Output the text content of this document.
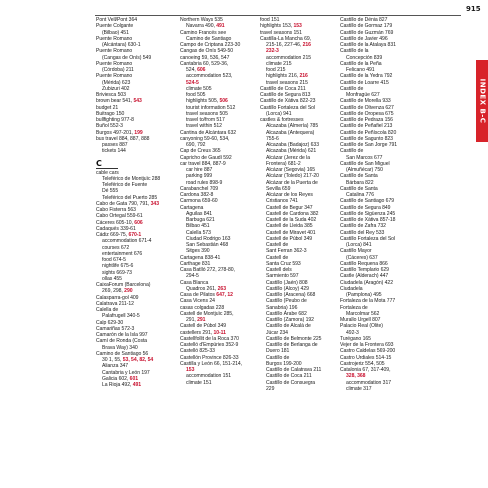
915
INDEX B-C
Pont Vell/Pont 364
Puente Colgante
(Bilbao) 451
Puente Romano
(Alcántara) 630-1
Puente Romano
(Cangas de Onís) 549
Puente Romano
(Córdoba) 211
Puente Romano
(Mérida) 623
Zubizuri 402
Briviesca 503
brown bear 541, 543
budget 21
Buitrago 150
bullfighting 977-8
Buñol 552-3
Burgos 497-201, 199
bus travel 884, 887, 888
passes 887
tickets 144
C
cable cars
Teleférico de Montjuïc 288
Teleférico de Fuente
Dé 555
Teleférico del Puerto 285
Cabo de Gata 790, 791, 343
Cabo Fisterra 563
Cabo Ortegal 559-61
Cáceres 605-10, 606
Cadaqués 339-61
Cádiz 669-75, 670-1
accommodation 671-4
courses 672
entertainment 676
food 674-5
nightlife 675-6
sights 669-73
ollas 455
CaixaForum (Barcelona)
269, 298, 290
Calasparra-gol 409
Calatrava 211-12
Calella de
Palafrugell 340-5
Calp 629-30
Camariñas 572-3
Camarón de la Isla 997
Camí de Ronda (Costa
Brava Way) 340
Camino de Santiago 56
30 1, 55, 53, 54, 82, 54
Alianza 347
Cantabria y León 197
Galicia 602, 601
La Rioja 492, 491
Northern Ways 535
Navarra 490, 491
Camino Francés see
Camino de Santiago
Campo de Criptana 223-30
Cangas de Onís 549-50
canoeing 59, 536, 547
Cantabria 60, 529-36,
524, 606
accommodation 523,
524-5
climate 505
food 505
highlights 505, 506
tourist information 512
travel seasons 505
travel to/from 517
travel within 512
Cantina de Alcántara 632
canyoning 59-60, 534,
690, 792
Cap de Creus 365
Capricho de Gaudí 592
car travel 884, 887-9
car hire 887
parking 999
road rules 898-9
Carabanchel 709
Cardona 382-8
Carmona 659-60
Cartagena
Aguilas 841
Barbuga 621
Bilbao 451
Calella 573
Ciudad Rodrigo 163
San Sebastián 468
Sitges 390
Cartagena 838-41
Carthage 831
Casa Batlló 272, 278-80,
294-5
Casa Blanca
Quadros 261, 263
Casa de Pilatos 647, 12
Casa Vicens 24
casas colgadas 228
Castell de Montjuïc 285,
291, 291
Castell de Púbol 349
castellers 291, 10-11
Castellfollit de la Roca 370
Castelló d'Empúries 352-9
Castelló 825-33
Castellón Province 826-33
Castilla y León 66, 151-214,
153
accommodation 151
climate 151
food 151
highlights 153, 153
travel seasons 151
Castilla-La Mancha 69,
215-16, 227-46, 216
232-3
accommodation 215
climate 215
food 215
highlights 216, 216
travel seasons 215
Castillo de Coca 211
Castillo de Segura 813
Castillo de Xàtiva 822-23
Castillo Fortaleza del Sol
(Lorca) 941
castles & fortresses
Alcazaba (Almería) 785
Alcazaba (Antequera)
755-6
Alcazaba (Badajoz) 633
Alcazaba (Mérida) 621
Alcázar (Jerez de la
Frontera) 681-2
Alcázar (Segovia) 165
Alcázar (Toledo) 217-20
Alcázar de la Puerta de
Sevilla 659
Alcázar de los Reyes
Cristianos 741
Castell de Begur 347
Castell de Cardona 382
Castell de la Suda 402
Castell de Lleida 385
Castell de Miravet 401
Castell de Púbol 349
Castell de
Sant Ferran 362-3
Castell de
Santa Cruz 593
Castell dels
Sarmiento 597
Castillo (Jaén) 808
Castillo (Alcoy) 429
Castillo (Aracena) 668
Castillo (Peubo de
Sanabria) 196
Castillo Árabe 682
Castillo (Zamora) 192
Castillo de Alcalá de
Júcar 234
Castillo de Belmonte 225
Castillo de Berlanga de
Duero 181
Castillo de
Burgos 199-200
Castillo de Calatrava 211
Castillo de Coca 211
Castillo de Consuegra
229
Castillo de Dénia 827
Castillo de Gormaz 179
Castillo de Guzmán 769
Castillo de Javier 496
Castillo de la Atalaya 831
Castillo de la
Concepción 839
Castillo de la Peña
Felicano 491
Castillo de la Yedra 792
Castillo de Loarre 415
Castillo de
Monfragüe 627
Castillo de Morella 933
Castillo de Olivenza 627
Castillo de Oropesa 675
Castillo de Pedraza 156
Castillo de Peñafiel 213
Castillo de Peñíscola 820
Castillo de Sagunto 823
Castillo de San Jorge 791
Castillo de
San Marcos 677
Castillo de San Miguel
(Almuñécar) 750
Castillo de Santa
Bárbara 822
Castillo de Santa
Catalina 776
Castillo de Santiago 679
Castillo de Segura 849
Castillo de Sigüenza 245
Castillo de Xàtiva 857-18
Castillo de Zafra 732
Castillo del Rey 533
Castillo Fortaleza del Sol
(Lorca) 841
Castillo Mayor
(Cáceres) 637
Castillo Requena 866
Castillo Templario 629
Castle (Alderach) 447
Ciudadela (Aragón) 422
Ciudadela
(Pamplona) 495
Fortaleza de la Mota 777
Fortaleza de
Marcolmar 562
Murallo Urgell 807
Palacio Real (Olite)
492-3
Turégano 165
Vejer de la Frontera 693
Castro Caldelas 569-200
Castro Urdiales 514-15
Castrojeriz 554, 505
Catalonia 67, 317-409,
328, 368
accommodation 317
climate 317
